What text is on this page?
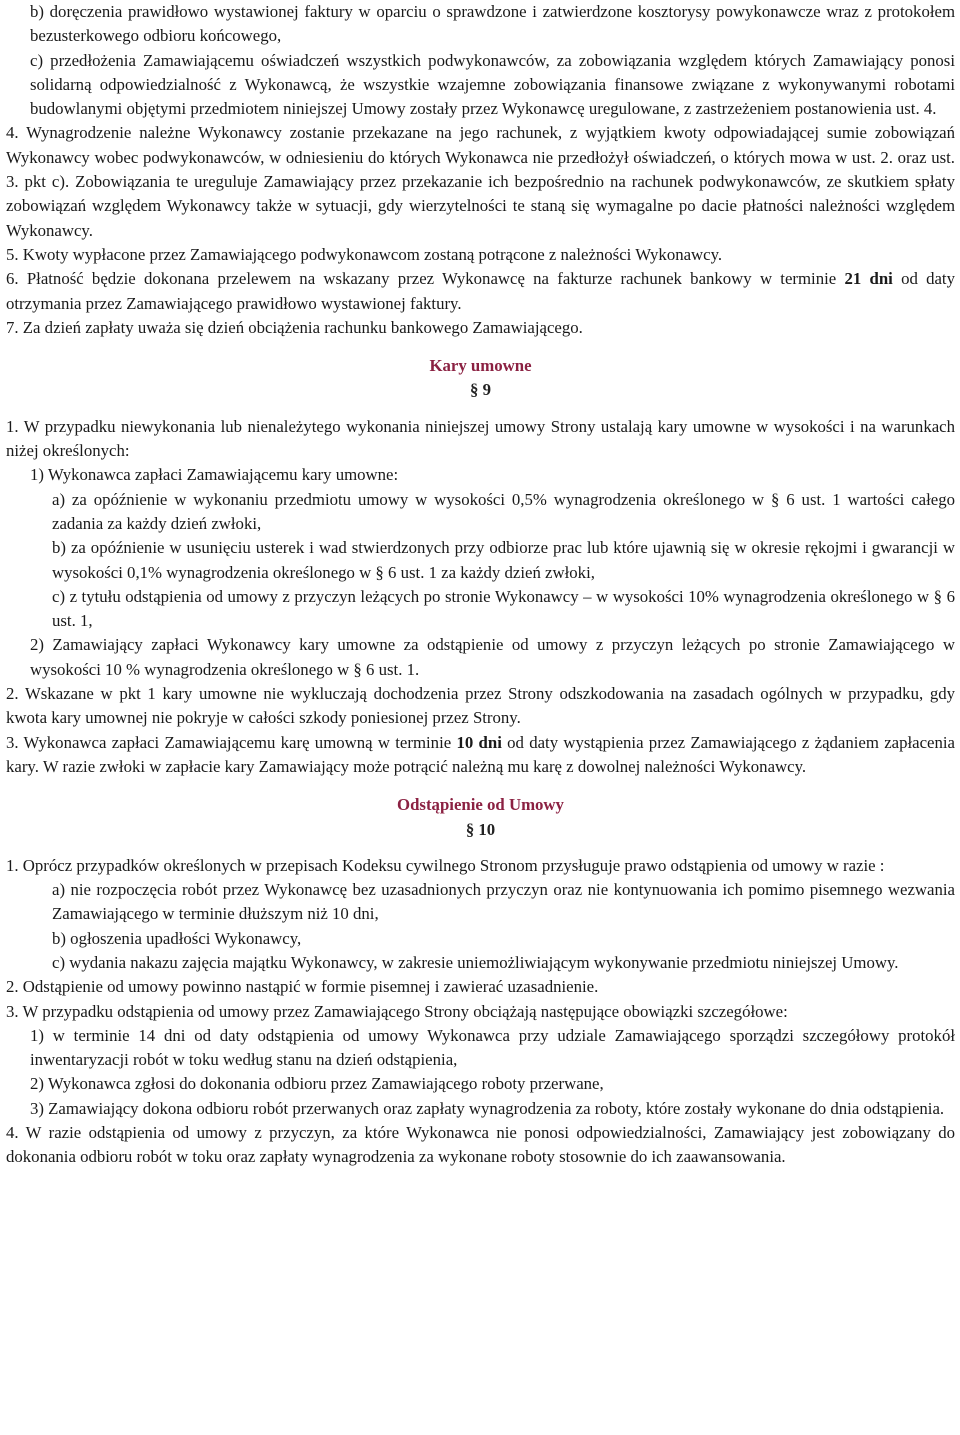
b) doręczenia prawidłowo wystawionej faktury w oparciu o sprawdzone i zatwierdzone kosztorysy powykonawcze wraz z protokołem bezusterkowego odbioru końcowego,

c) przedłożenia Zamawiającemu oświadczeń wszystkich podwykonawców, za zobowiązania względem których Zamawiający ponosi solidarną odpowiedzialność z Wykonawcą, że wszystkie wzajemne zobowiązania finansowe związane z wykonywanymi robotami budowlanymi objętymi przedmiotem niniejszej Umowy zostały przez Wykonawcę uregulowane, z zastrzeżeniem postanowienia ust. 4.

4. Wynagrodzenie należne Wykonawcy zostanie przekazane na jego rachunek, z wyjątkiem kwoty odpowiadającej sumie zobowiązań Wykonawcy wobec podwykonawców, w odniesieniu do których Wykonawca nie przedłożył oświadczeń, o których mowa w ust. 2. oraz ust. 3. pkt c). Zobowiązania te ureguluje Zamawiający przez przekazanie ich bezpośrednio na rachunek podwykonawców, ze skutkiem spłaty zobowiązań względem Wykonawcy także w sytuacji, gdy wierzytelności te staną się wymagalne po dacie płatności należności względem Wykonawcy.

5. Kwoty wypłacone przez Zamawiającego podwykonawcom zostaną potrącone z należności Wykonawcy.

6. Płatność będzie dokonana przelewem na wskazany przez Wykonawcę na fakturze rachunek bankowy w terminie 21 dni od daty otrzymania przez Zamawiającego prawidłowo wystawionej faktury.

7. Za dzień zapłaty uważa się dzień obciążenia rachunku bankowego Zamawiającego.

Kary umowne

§ 9

1. W przypadku niewykonania lub nienależytego wykonania niniejszej umowy Strony ustalają kary umowne w wysokości i na warunkach niżej określonych:

1) Wykonawca zapłaci Zamawiającemu kary umowne:

a) za opóźnienie w wykonaniu przedmiotu umowy w wysokości 0,5% wynagrodzenia określonego w § 6 ust. 1 wartości całego zadania za każdy dzień zwłoki,

b) za opóźnienie w usunięciu usterek i wad stwierdzonych przy odbiorze prac lub które ujawnią się w okresie rękojmi i gwarancji w wysokości 0,1% wynagrodzenia określonego w § 6 ust. 1 za każdy dzień zwłoki,

c) z tytułu odstąpienia od umowy z przyczyn leżących po stronie Wykonawcy – w wysokości 10% wynagrodzenia określonego w § 6 ust. 1,

2) Zamawiający zapłaci Wykonawcy kary umowne za odstąpienie od umowy z przyczyn leżących po stronie Zamawiającego w wysokości 10 % wynagrodzenia określonego w § 6 ust. 1.

2. Wskazane w pkt 1 kary umowne nie wykluczają dochodzenia przez Strony odszkodowania na zasadach ogólnych w przypadku, gdy kwota kary umownej nie pokryje w całości szkody poniesionej przez Strony.

3. Wykonawca zapłaci Zamawiającemu karę umowną w terminie 10 dni od daty wystąpienia przez Zamawiającego z żądaniem zapłacenia kary. W razie zwłoki w zapłacie kary Zamawiający może potrącić należną mu karę z dowolnej należności Wykonawcy.

Odstąpienie od Umowy

§ 10

1. Oprócz przypadków określonych w przepisach Kodeksu cywilnego Stronom przysługuje prawo odstąpienia od umowy w razie :

a) nie rozpoczęcia robót przez Wykonawcę bez uzasadnionych przyczyn oraz nie kontynuowania ich pomimo pisemnego wezwania Zamawiającego w terminie dłuższym niż 10 dni,

b) ogłoszenia upadłości Wykonawcy,

c) wydania nakazu zajęcia majątku Wykonawcy, w zakresie uniemożliwiającym wykonywanie przedmiotu niniejszej Umowy.

2. Odstąpienie od umowy powinno nastąpić w formie pisemnej i zawierać uzasadnienie.

3. W przypadku odstąpienia od umowy przez Zamawiającego Strony obciążają następujące obowiązki szczegółowe:

1) w terminie 14 dni od daty odstąpienia od umowy Wykonawca przy udziale Zamawiającego sporządzi szczegółowy protokół inwentaryzacji robót w toku według stanu na dzień odstąpienia,

2) Wykonawca zgłosi do dokonania odbioru przez Zamawiającego roboty przerwane,

3) Zamawiający dokona odbioru robót przerwanych oraz zapłaty wynagrodzenia za roboty, które zostały wykonane do dnia odstąpienia.

4. W razie odstąpienia od umowy z przyczyn, za które Wykonawca nie ponosi odpowiedzialności, Zamawiający jest zobowiązany do dokonania odbioru robót w toku oraz zapłaty wynagrodzenia za wykonane roboty stosownie do ich zaawansowania.
